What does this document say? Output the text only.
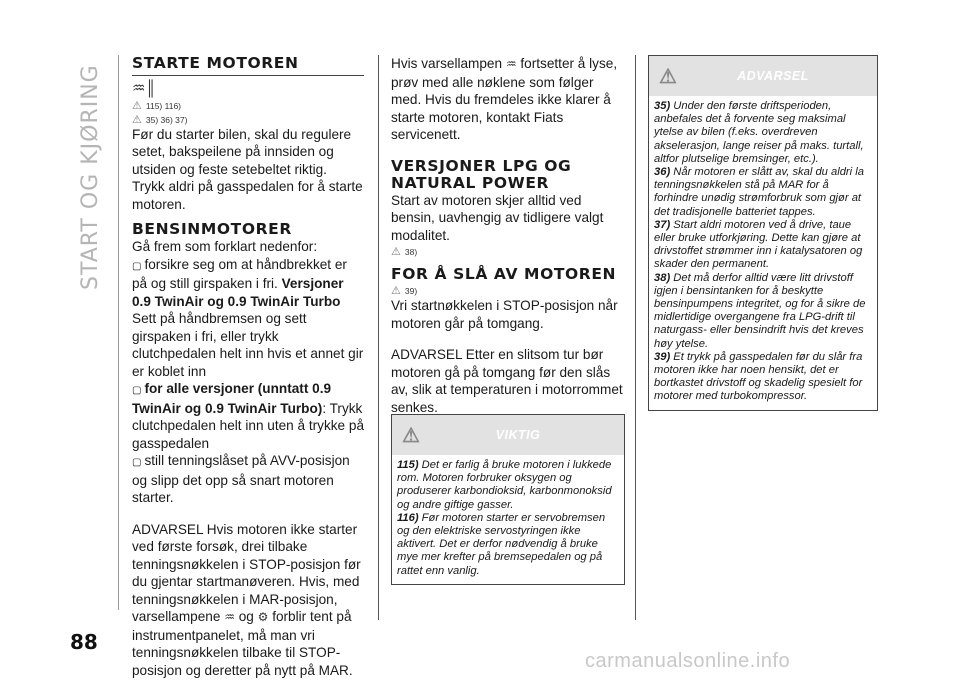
START OG KJØRING
88
STARTE MOTOREN
♒︎║
⚠ 115) 116)
⚠ 35) 36) 37)

Før du starter bilen, skal du regulere setet, bakspeilene på innsiden og utsiden og feste setebeltet riktig.

Trykk aldri på gasspedalen for å starte motoren.

BENSINMOTORER

Gå frem som forklart nedenfor:

▢ forsikre seg om at håndbrekket er på og still girspaken i fri. Versjoner 0.9 TwinAir og 0.9 TwinAir Turbo Sett på håndbremsen og sett girspaken i fri, eller trykk clutchpedalen helt inn hvis et annet gir er koblet inn

▢ for alle versjoner (unntatt 0.9 TwinAir og 0.9 TwinAir Turbo): Trykk clutchpedalen helt inn uten å trykke på gasspedalen

▢ still tenningslåset på AVV-posisjon og slipp det opp så snart motoren starter.

ADVARSEL Hvis motoren ikke starter ved første forsøk, drei tilbake tenningsnøkkelen i STOP-posisjon før du gjentar startmanøveren. Hvis, med tenningsnøkkelen i MAR-posisjon,

varsellampene ♒︎ og ⚙︎ forblir tent på instrumentpanelet, må man vri tenningsnøkkelen tilbake til STOP-posisjon og deretter på nytt på MAR.

Hvis varsellampen ♒︎ fortsetter å lyse, prøv med alle nøklene som følger med. Hvis du fremdeles ikke klarer å starte motoren, kontakt Fiats servicenett.

VERSJONER LPG OG NATURAL POWER

Start av motoren skjer alltid ved bensin, uavhengig av tidligere valgt modalitet.

⚠ 38)
FOR Å SLÅ AV MOTOREN
⚠ 39)

Vri startnøkkelen i STOP-posisjon når motoren går på tomgang.

ADVARSEL Etter en slitsom tur bør motoren gå på tomgang før den slås av, slik at temperaturen i motorrommet senkes.

⚠	VIKTIG

115) Det er farlig å bruke motoren i lukkede rom. Motoren forbruker oksygen og produserer karbondioksid, karbonmonoksid og andre giftige gasser.

116) Før motoren starter er servobremsen og den elektriske servostyringen ikke aktivert. Det er derfor nødvendig å bruke mye mer krefter på bremsepedalen og på rattet enn vanlig.

⚠	ADVARSEL

35) Under den første driftsperioden, anbefales det å forvente seg maksimal ytelse av bilen (f.eks. overdreven akselerasjon, lange reiser på maks. turtall, altfor plutselige bremsinger, etc.).

36) Når motoren er slått av, skal du aldri la tenningsnøkkelen stå på MAR for å forhindre unødig strømforbruk som gjør at det tradisjonelle batteriet tappes.

37) Start aldri motoren ved å drive, taue eller bruke utforkjøring. Dette kan gjøre at drivstoffet strømmer inn i katalysatoren og skader den permanent.

38) Det må derfor alltid være litt drivstoff igjen i bensintanken for å beskytte bensinpumpens integritet, og for å sikre de midlertidige overgangene fra LPG-drift til naturgass- eller bensindrift hvis det kreves høy ytelse.

39) Et trykk på gasspedalen før du slår fra motoren ikke har noen hensikt, det er bortkastet drivstoff og skadelig spesielt for motorer med turbokompressor.

carmanualsonline.info
